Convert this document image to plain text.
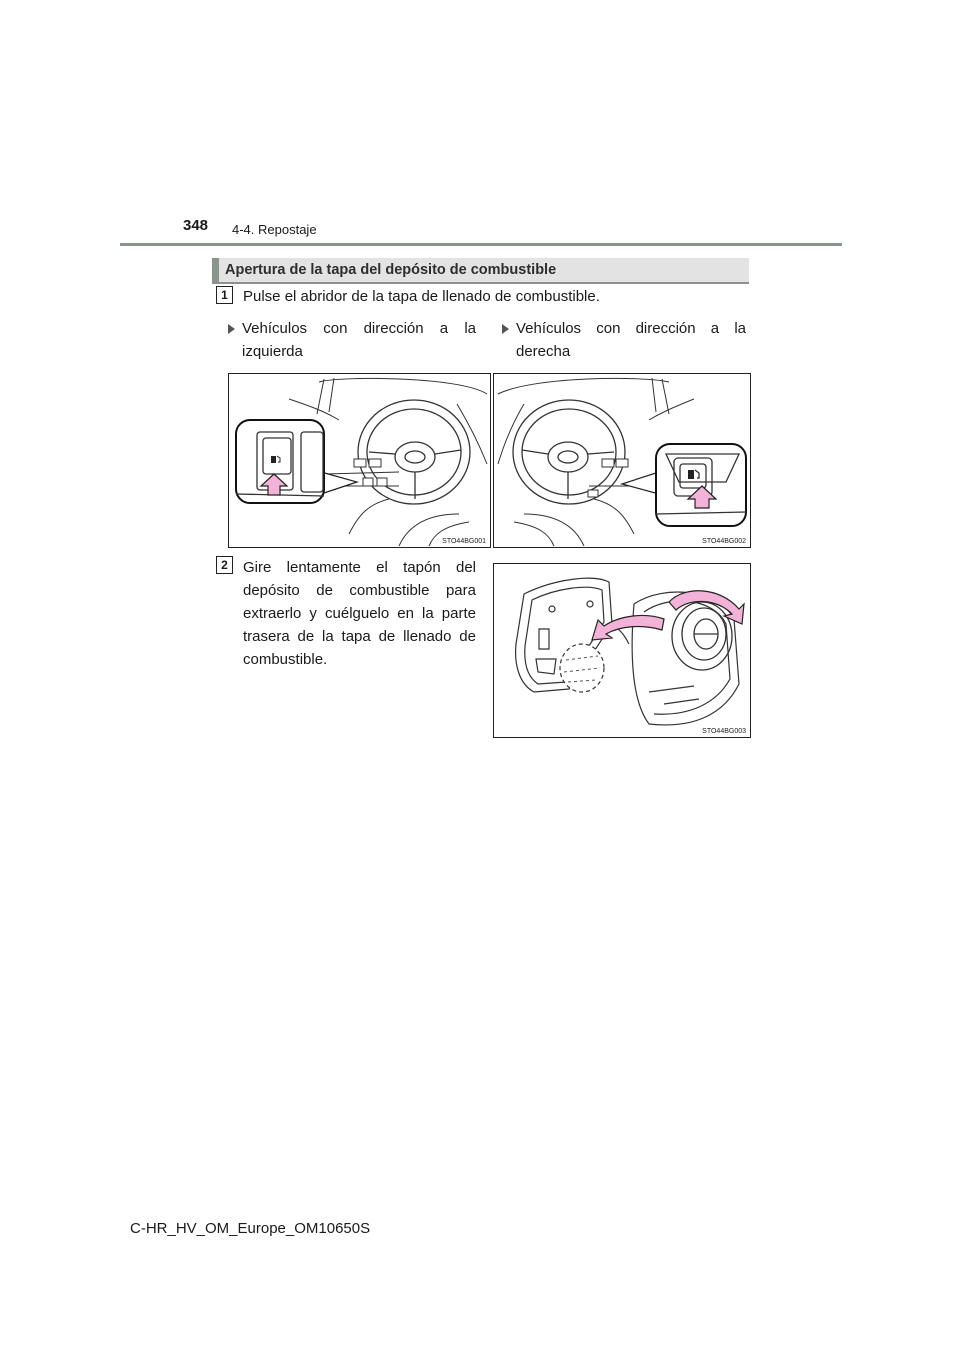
348 4-4. Repostaje
Apertura de la tapa del depósito de combustible
1	Pulse el abridor de la tapa de llenado de combustible.
Vehículos con dirección a la
izquierda
Vehículos con dirección a la
derecha
STO44BG001	STO44BG002
2	Gire lentamente el tapón del depósito de combustible para extraerlo y cuélguelo en la parte trasera de la tapa de llenado de combustible.
STO44BG003
C-HR_HV_OM_Europe_OM10650S
